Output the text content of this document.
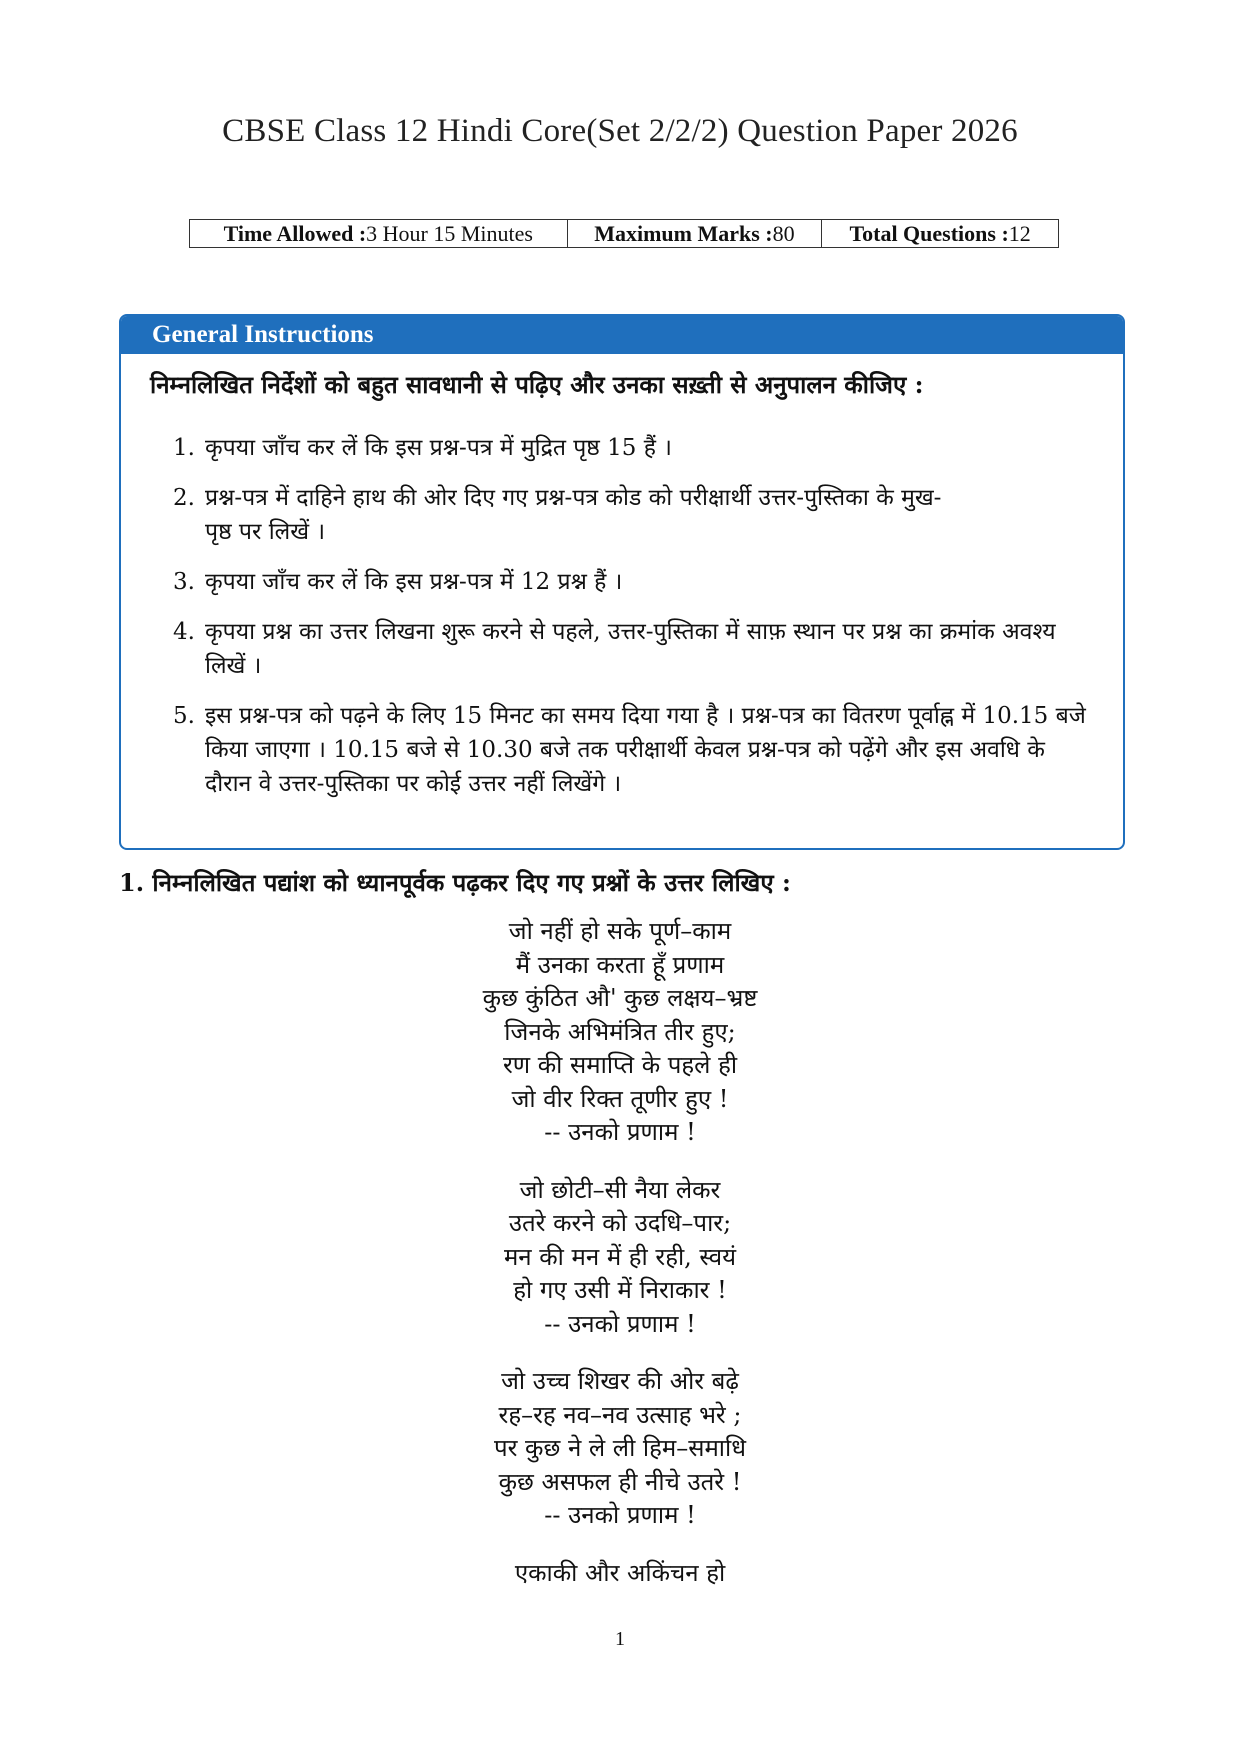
CBSE Class 12 Hindi Core(Set 2/2/2) Question Paper 2026
Time Allowed : 3 Hour 15 Minutes	Maximum Marks : 80 Total Questions : 12
General Instructions
निम्नलिखित निर्देशों को बहुत सावधानी से पढ़िए और उनका सख़्ती से अनुपालन कीजिए :
1. कृपया जाँच कर लें कि इस प्रश्न-पत्र में मुद्रित पृष्ठ 15 हैं ।
2. प्रश्न-पत्र में दाहिने हाथ की ओर दिए गए प्रश्न-पत्र कोड को परीक्षार्थी उत्तर-पुस्तिका के मुख-पृष्ठ पर लिखें ।
3. कृपया जाँच कर लें कि इस प्रश्न-पत्र में 12 प्रश्न हैं ।
4. कृपया प्रश्न का उत्तर लिखना शुरू करने से पहले, उत्तर-पुस्तिका में साफ़ स्थान पर प्रश्न का क्रमांक अवश्य लिखें ।
5. इस प्रश्न-पत्र को पढ़ने के लिए 15 मिनट का समय दिया गया है । प्रश्न-पत्र का वितरण पूर्वाह्न में 10.15 बजे किया जाएगा । 10.15 बजे से 10.30 बजे तक परीक्षार्थी केवल प्रश्न-पत्र को पढ़ेंगे और इस अवधि के दौरान वे उत्तर-पुस्तिका पर कोई उत्तर नहीं लिखेंगे ।
1. निम्नलिखित पद्यांश को ध्यानपूर्वक पढ़कर दिए गए प्रश्नों के उत्तर लिखिए :
जो नहीं हो सके पूर्ण–काम
मैं उनका करता हूँ प्रणाम
कुछ कुंठित औ' कुछ लक्षय–भ्रष्ट
जिनके अभिमंत्रित तीर हुए;
रण की समाप्ति के पहले ही
जो वीर रिक्त तूणीर हुए !
-- उनको प्रणाम !
जो छोटी–सी नैया लेकर
उतरे करने को उदधि–पार;
मन की मन में ही रही, स्वयं
हो गए उसी में निराकार !
-- उनको प्रणाम !
जो उच्च शिखर की ओर बढ़े
रह–रह नव–नव उत्साह भरे ;
पर कुछ ने ले ली हिम–समाधि
कुछ असफल ही नीचे उतरे !
-- उनको प्रणाम !
एकाकी और अकिंचन हो
1
